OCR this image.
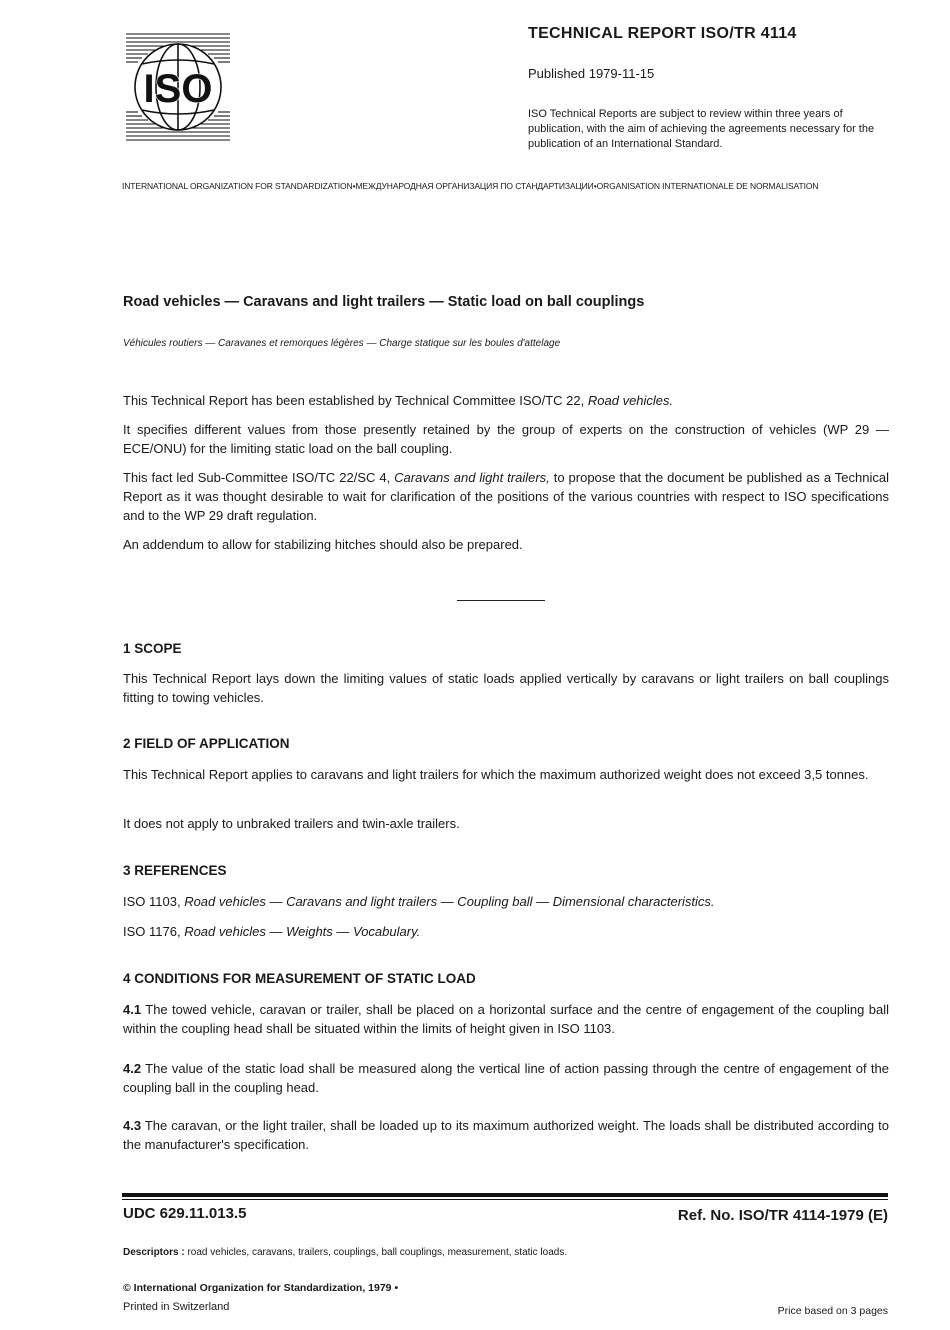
ISO
TECHNICAL REPORT ISO/TR 4114
Published 1979-11-15
ISO Technical Reports are subject to review within three years of publication, with the aim of achieving the agreements necessary for the publication of an International Standard.
INTERNATIONAL ORGANIZATION FOR STANDARDIZATION•МЕЖДУНАРОДНАЯ ОРГАНИЗАЦИЯ ПО СТАНДАРТИЗАЦИИ•ORGANISATION INTERNATIONALE DE NORMALISATION
Road vehicles — Caravans and light trailers — Static load on ball couplings
Véhicules routiers — Caravanes et remorques légères — Charge statique sur les boules d'attelage

This Technical Report has been established by Technical Committee ISO/TC 22, Road vehicles.

It specifies different values from those presently retained by the group of experts on the construction of vehicles (WP 29 — ECE/ONU) for the limiting static load on the ball coupling.

This fact led Sub-Committee ISO/TC 22/SC 4, Caravans and light trailers, to propose that the document be published as a Technical Report as it was thought desirable to wait for clarification of the positions of the various countries with respect to ISO specifications and to the WP 29 draft regulation.

An addendum to allow for stabilizing hitches should also be prepared.

1 SCOPE
This Technical Report lays down the limiting values of static loads applied vertically by caravans or light trailers on ball couplings fitting to towing vehicles.
2 FIELD OF APPLICATION
This Technical Report applies to caravans and light trailers for which the maximum authorized weight does not exceed 3,5 tonnes.
It does not apply to unbraked trailers and twin-axle trailers.
3 REFERENCES
ISO 1103, Road vehicles — Caravans and light trailers — Coupling ball — Dimensional characteristics.
ISO 1176, Road vehicles — Weights — Vocabulary.
4 CONDITIONS FOR MEASUREMENT OF STATIC LOAD
4.1 The towed vehicle, caravan or trailer, shall be placed on a horizontal surface and the centre of engagement of the coupling ball within the coupling head shall be situated within the limits of height given in ISO 1103.
4.2 The value of the static load shall be measured along the vertical line of action passing through the centre of engagement of the coupling ball in the coupling head.
4.3 The caravan, or the light trailer, shall be loaded up to its maximum authorized weight. The loads shall be distributed according to the manufacturer's specification.
UDC 629.11.013.5	Ref. No. ISO/TR 4114-1979 (E)
Descriptors : road vehicles, caravans, trailers, couplings, ball couplings, measurement, static loads.
© International Organization for Standardization, 1979 •
Printed in Switzerland	Price based on 3 pages
